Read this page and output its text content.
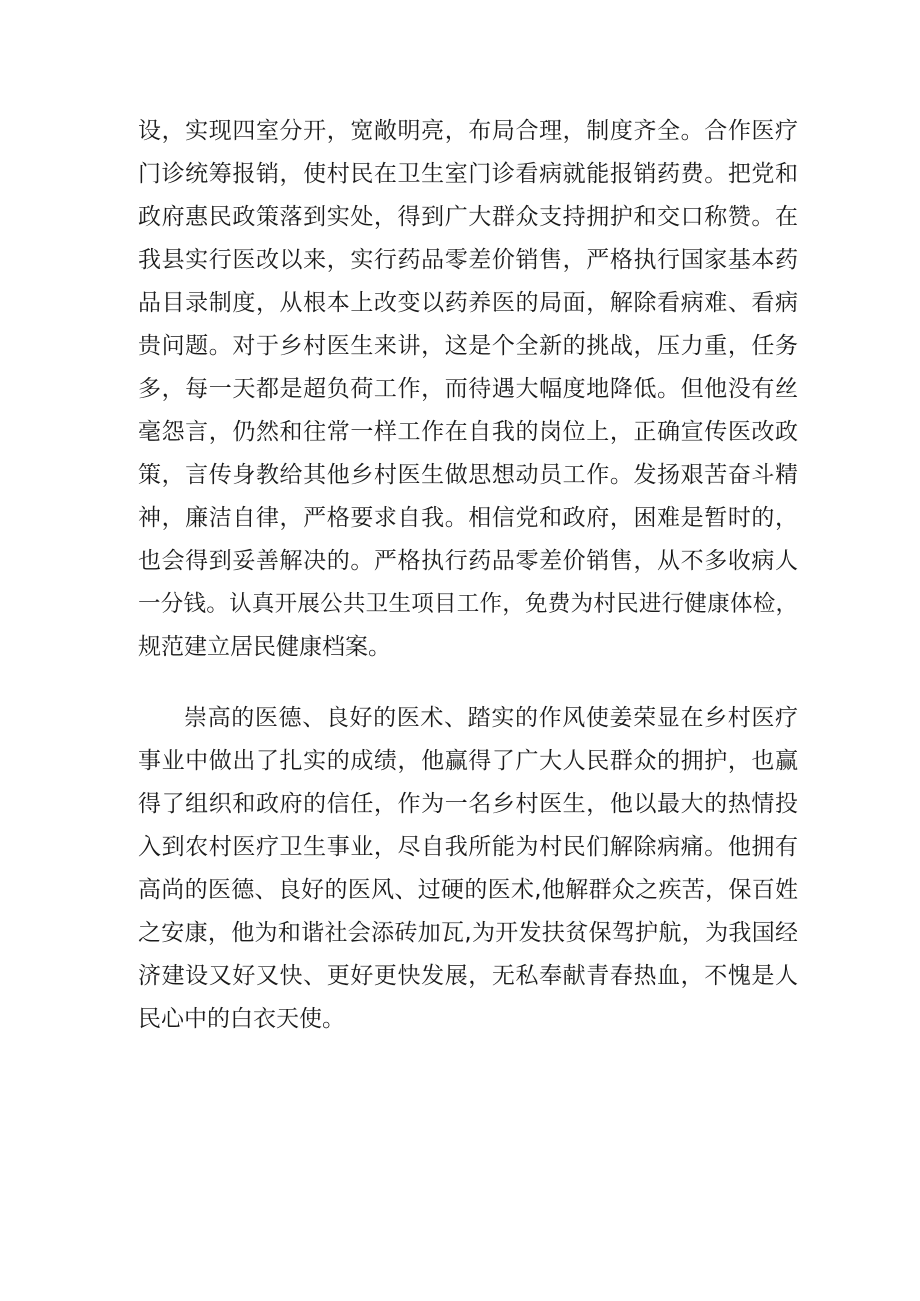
设，实现四室分开，宽敞明亮，布局合理，制度齐全。合作医疗
门诊统筹报销，使村民在卫生室门诊看病就能报销药费。把党和
政府惠民政策落到实处，得到广大群众支持拥护和交口称赞。在
我县实行医改以来，实行药品零差价销售，严格执行国家基本药
品目录制度，从根本上改变以药养医的局面，解除看病难、看病
贵问题。对于乡村医生来讲，这是个全新的挑战，压力重，任务
多，每一天都是超负荷工作，而待遇大幅度地降低。但他没有丝
毫怨言，仍然和往常一样工作在自我的岗位上，正确宣传医改政
策，言传身教给其他乡村医生做思想动员工作。发扬艰苦奋斗精
神，廉洁自律，严格要求自我。相信党和政府，困难是暂时的，
也会得到妥善解决的。严格执行药品零差价销售，从不多收病人
一分钱。认真开展公共卫生项目工作，免费为村民进行健康体检，
规范建立居民健康档案。
崇高的医德、良好的医术、踏实的作风使姜荣显在乡村医疗
事业中做出了扎实的成绩，他赢得了广大人民群众的拥护，也赢
得了组织和政府的信任，作为一名乡村医生，他以最大的热情投
入到农村医疗卫生事业，尽自我所能为村民们解除病痛。他拥有
高尚的医德、良好的医风、过硬的医术,他解群众之疾苦，保百姓
之安康，他为和谐社会添砖加瓦,为开发扶贫保驾护航，为我国经
济建设又好又快、更好更快发展，无私奉献青春热血，不愧是人
民心中的白衣天使。
